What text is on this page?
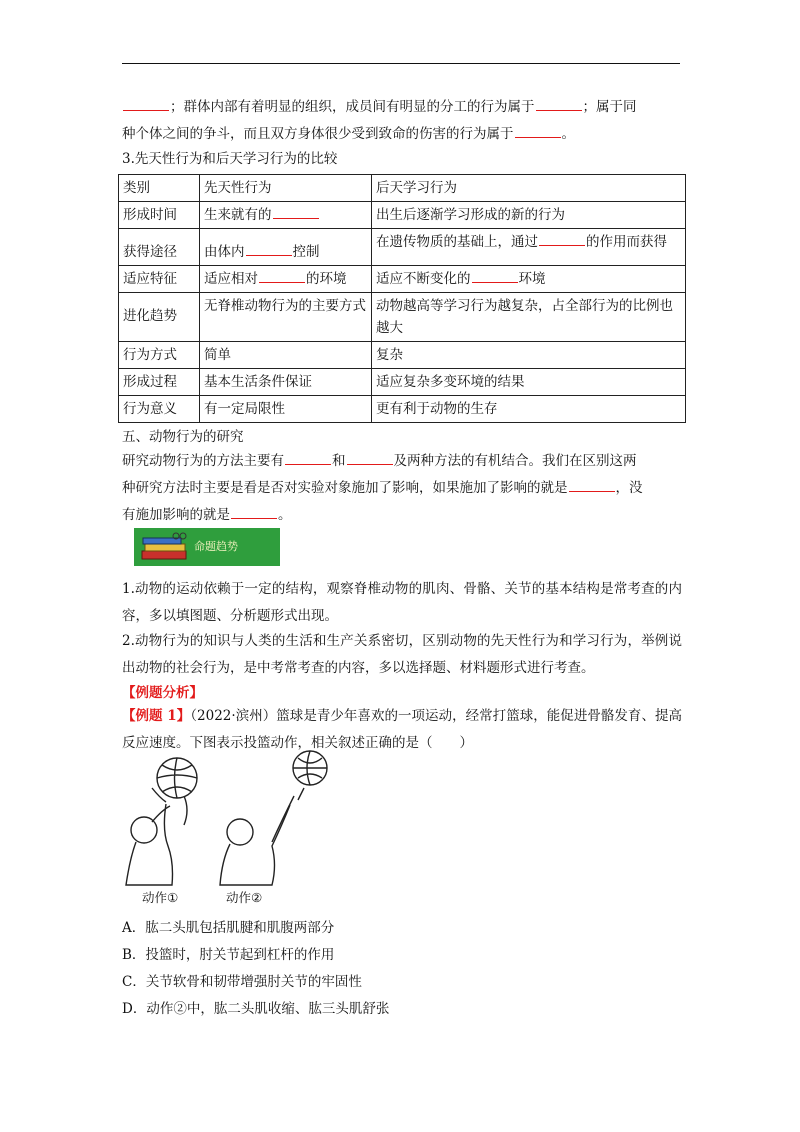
；群体内部有着明显的组织，成员间有明显的分工的行为属于	；属于同
种个体之间的争斗，而且双方身体很少受到致命的伤害的行为属于	。
3.先天性行为和后天学习行为的比较
类别	先天性行为	后天学习行为
形成时间	生来就有的	出生后逐渐学习形成的新的行为
获得途径	由体内 控制	在遗传物质的基础上，通过 的作用而获得
适应特征	适应相对 的环境	适应不断变化的 环境
进化趋势	无脊椎动物行为的主要方式	动物越高等学习行为越复杂，占全部行为的比例也越大
行为方式	简单	复杂
形成过程	基本生活条件保证	适应复杂多变环境的结果
行为意义	有一定局限性	更有利于动物的生存
五、动物行为的研究
研究动物行为的方法主要有	和	及两种方法的有机结合。我们在区别这两
种研究方法时主要是看是否对实验对象施加了影响，如果施加了影响的就是	，没
有施加影响的就是	。
命题趋势
1.动物的运动依赖于一定的结构，观察脊椎动物的肌肉、骨骼、关节的基本结构是常考查的内容，多以填图题、分析题形式出现。
2.动物行为的知识与人类的生活和生产关系密切，区别动物的先天性行为和学习行为，举例说出动物的社会行为，是中考常考查的内容，多以选择题、材料题形式进行考查。
【例题分析】
【例题 1】（2022·滨州）篮球是青少年喜欢的一项运动，经常打篮球，能促进骨骼发育、提高反应速度。下图表示投篮动作，相关叙述正确的是（　　）
动作①	动作②
A．肱二头肌包括肌腱和肌腹两部分
B．投篮时，肘关节起到杠杆的作用
C．关节软骨和韧带增强肘关节的牢固性
D．动作②中，肱二头肌收缩、肱三头肌舒张
